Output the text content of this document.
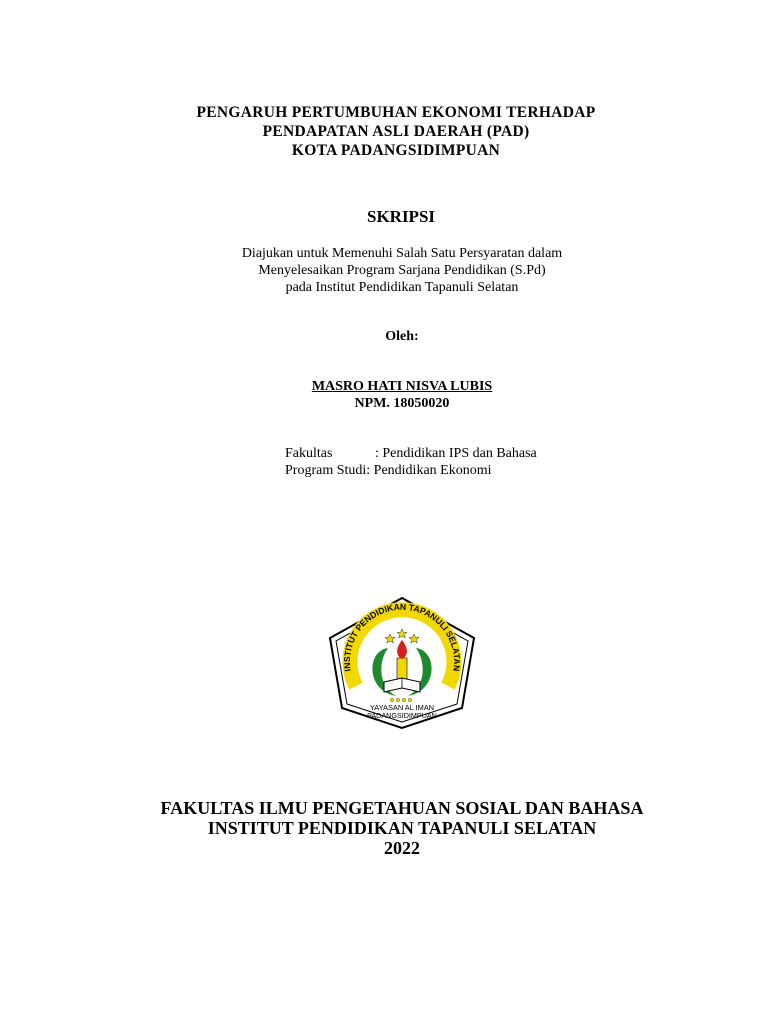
PENGARUH PERTUMBUHAN EKONOMI TERHADAP
PENDAPATAN ASLI DAERAH (PAD)
KOTA PADANGSIDIMPUAN
SKRIPSI
Diajukan untuk Memenuhi Salah Satu Persyaratan dalam
Menyelesaikan Program Sarjana Pendidikan (S.Pd)
pada Institut Pendidikan Tapanuli Selatan
Oleh:
MASRO HATI NISVA LUBIS
NPM. 18050020
Fakultas	: Pendidikan IPS dan Bahasa
Program Studi : Pendidikan Ekonomi
INSTITUT PENDIDIKAN TAPANULI SELATAN
YAYASAN AL IMAN
PADANGSIDIMPUAN
FAKULTAS ILMU PENGETAHUAN SOSIAL DAN BAHASA
INSTITUT PENDIDIKAN TAPANULI SELATAN
2022
